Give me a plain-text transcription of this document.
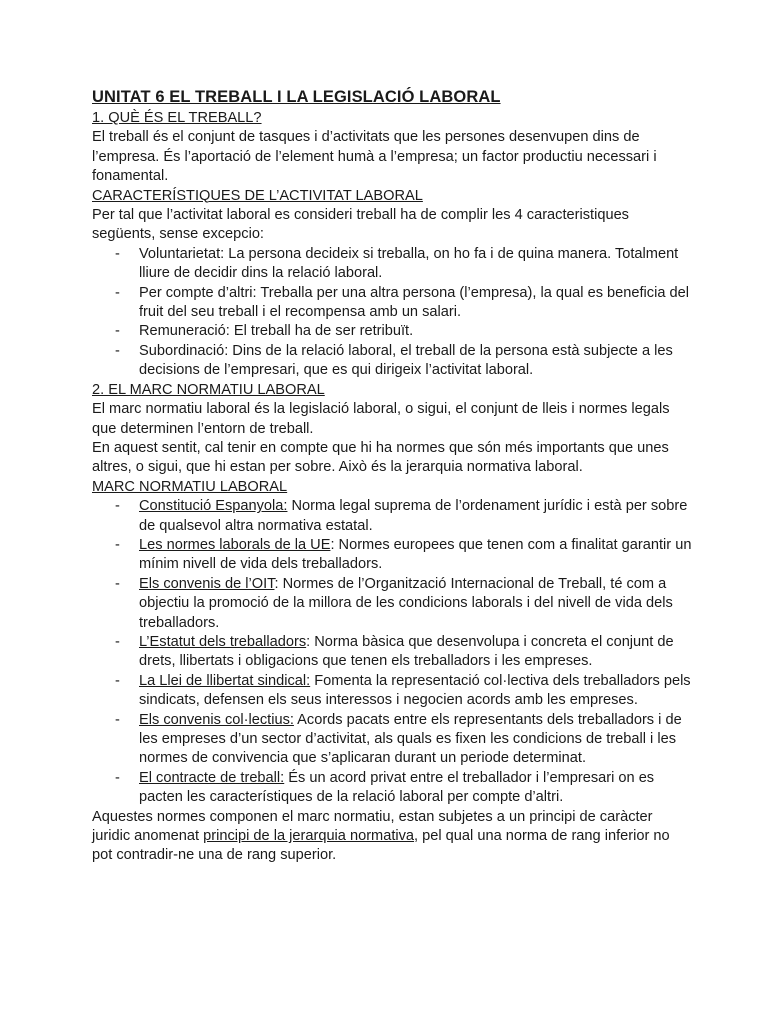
UNITAT 6 EL TREBALL I LA LEGISLACIÓ LABORAL

1. QUÈ ÉS EL TREBALL?

El treball és el conjunt de tasques i d’activitats que les persones desenvupen dins de l’empresa. És l’aportació de l’element humà a l’empresa; un factor productiu necessari i fonamental.

CARACTERÍSTIQUES DE L’ACTIVITAT LABORAL

Per tal que l’activitat laboral es consideri treball ha de complir les 4 caracteristiques següents, sense excepcio:

- Voluntarietat: La persona decideix si treballa, on ho fa i de quina manera. Totalment lliure de decidir dins la relació laboral.
- Per compte d’altri: Treballa per una altra persona (l’empresa), la qual es beneficia del fruit del seu treball i el recompensa amb un salari.
- Remuneració: El treball ha de ser retribuït.
- Subordinació: Dins de la relació laboral, el treball de la persona està subjecte a les decisions de l’empresari, que es qui dirigeix l’activitat laboral.

2. EL MARC NORMATIU LABORAL

El marc normatiu laboral és la legislació laboral, o sigui, el conjunt de lleis i normes legals que determinen l’entorn de treball.

En aquest sentit, cal tenir en compte que hi ha normes que són més importants que unes altres, o sigui, que hi estan per sobre. Això és la jerarquia normativa laboral.

MARC NORMATIU LABORAL

- Constitució Espanyola: Norma legal suprema de l’ordenament jurídic i està per sobre de qualsevol altra normativa estatal.
- Les normes laborals de la UE: Normes europees que tenen com a finalitat garantir un mínim nivell de vida dels treballadors.
- Els convenis de l’OIT: Normes de l’Organització Internacional de Treball, té com a objectiu la promoció de la millora de les condicions laborals i del nivell de vida dels treballadors.
- L’Estatut dels treballadors: Norma bàsica que desenvolupa i concreta el conjunt de drets, llibertats i obligacions que tenen els treballadors i les empreses.
- La Llei de llibertat sindical: Fomenta la representació col·lectiva dels treballadors pels sindicats, defensen els seus interessos i negocien acords amb les empreses.
- Els convenis col·lectius: Acords pacats entre els representants dels treballadors i de les empreses d’un sector d’activitat, als quals es fixen les condicions de treball i les normes de convivencia que s’aplicaran durant un periode determinat.
- El contracte de treball: És un acord privat entre el treballador i l’empresari on es pacten les característiques de la relació laboral per compte d’altri.

Aquestes normes componen el marc normatiu, estan subjetes a un principi de caràcter juridic anomenat principi de la jerarquia normativa, pel qual una norma de rang inferior no pot contradir-ne una de rang superior.
